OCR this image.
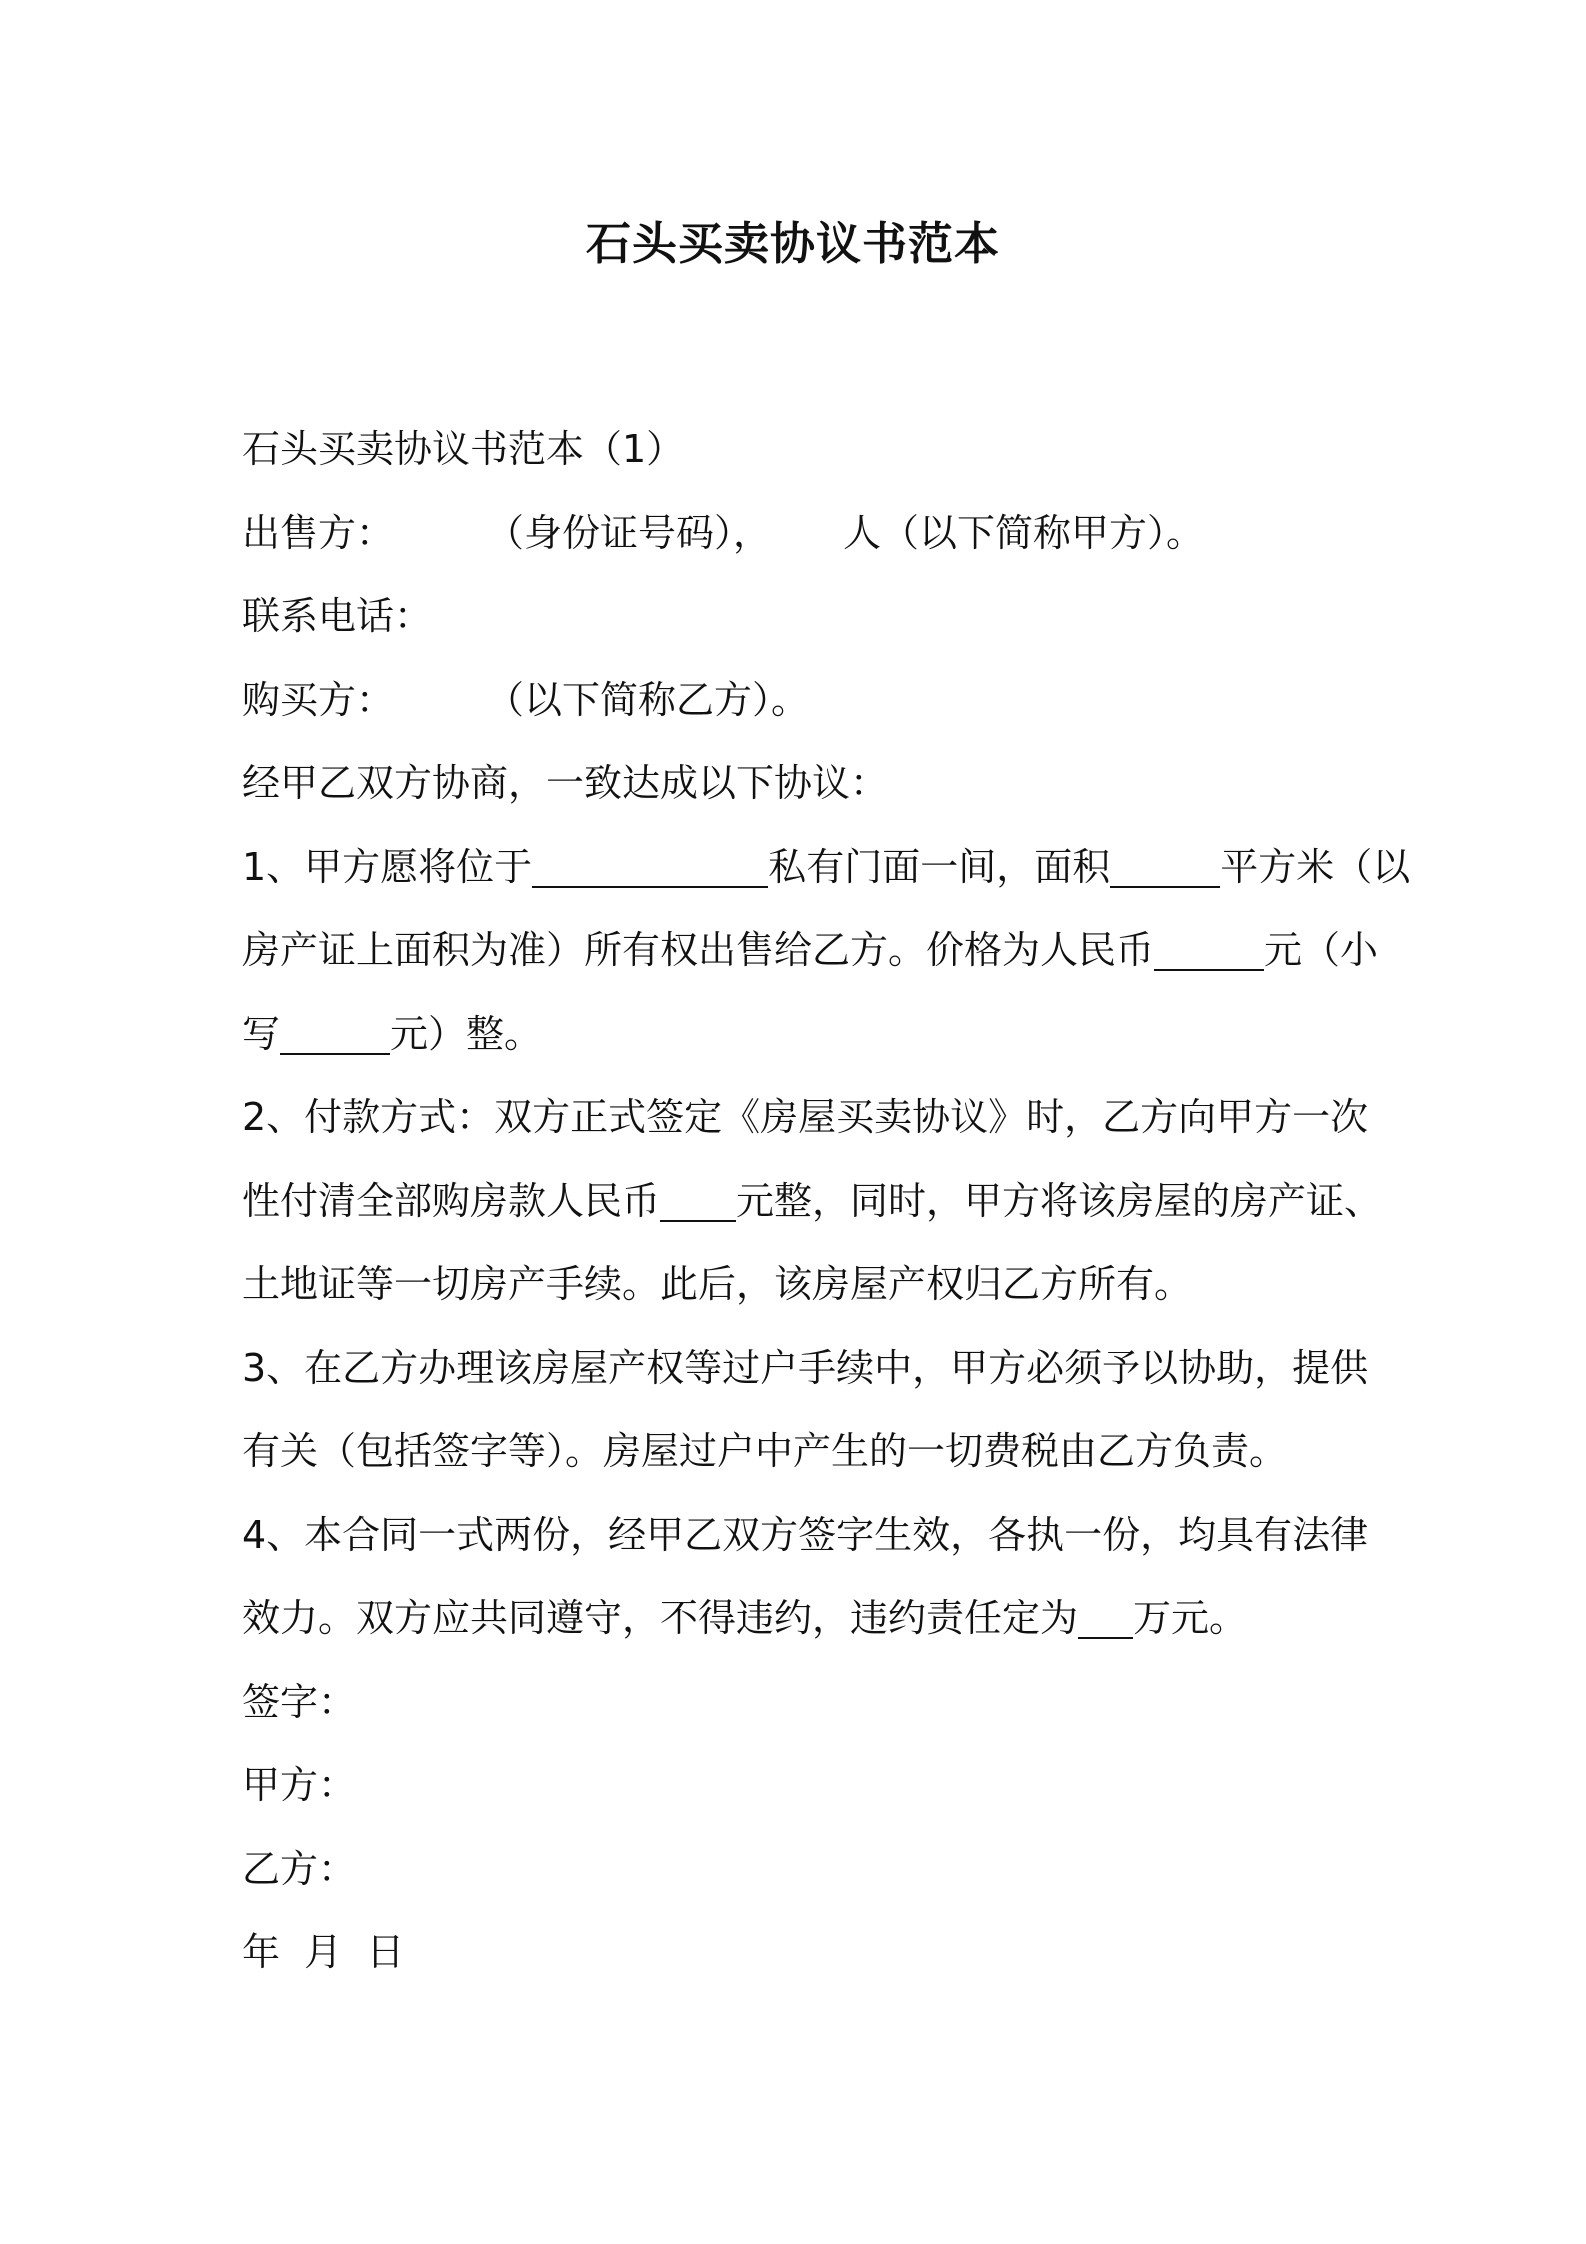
石头买卖协议书范本
石头买卖协议书范本（1）
出售方： （身份证号码）， 人（以下简称甲方）。
联系电话：
购买方： （以下简称乙方）。
经甲乙双方协商，一致达成以下协议：
1、甲方愿将位于	私有门面一间，面积	平方米（以
房产证上面积为准）所有权出售给乙方。价格为人民币	元（小
写	元）整。
2、付款方式：双方正式签定《房屋买卖协议》时，乙方向甲方一次
性付清全部购房款人民币 元整，同时，甲方将该房屋的房产证、
土地证等一切房产手续。此后，该房屋产权归乙方所有。
3、在乙方办理该房屋产权等过户手续中，甲方必须予以协助，提供
有关（包括签字等）。房屋过户中产生的一切费税由乙方负责。
4、本合同一式两份，经甲乙双方签字生效，各执一份，均具有法律
效力。双方应共同遵守，不得违约，违约责任定为 万元。
签字：
甲方：
乙方：
年  月  日
